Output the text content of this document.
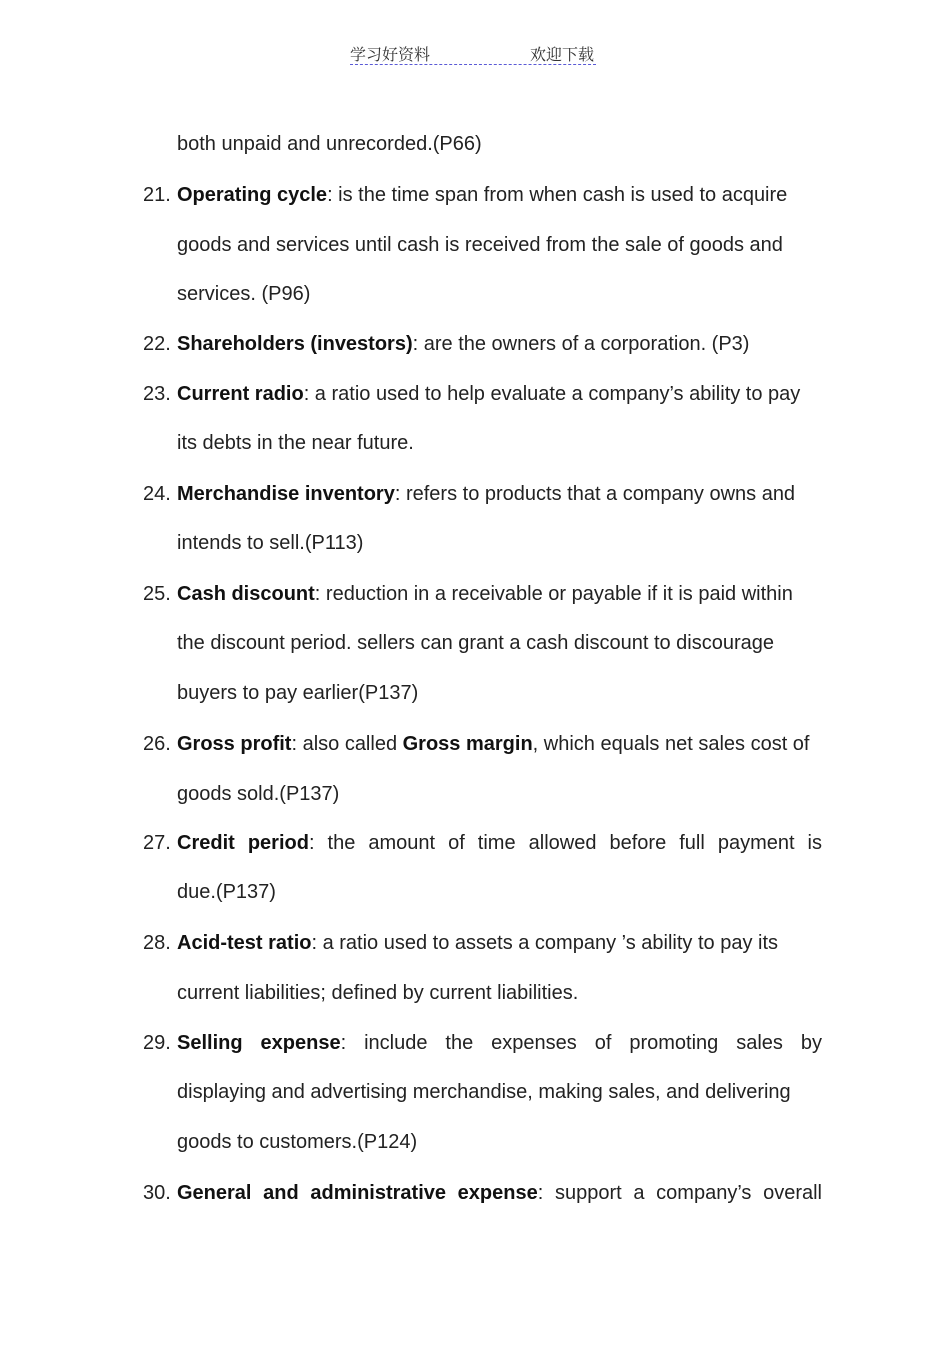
学习好资料	欢迎下载
both unpaid and unrecorded.(P66)
21. Operating cycle: is the time span from when cash is used to acquire
goods and services until cash is received from the sale of goods and
services. (P96)
22. Shareholders (investors): are the owners of a corporation. (P3)
23. Current radio: a ratio used to help evaluate a company’s ability to pay
its debts in the near future.
24. Merchandise inventory: refers to products that a company owns and
intends to sell.(P113)
25. Cash discount: reduction in a receivable or payable if it is paid within
the discount period. sellers can grant a cash discount to discourage
buyers to pay earlier(P137)
26. Gross profit: also called Gross margin, which equals net sales cost of
goods sold.(P137)
27. Credit period: the amount of time allowed before full payment is
due.(P137)
28. Acid-test ratio: a ratio used to assets a company ’s ability to pay its
current liabilities; defined by current liabilities.
29. Selling expense: include the expenses of promoting sales by
displaying and advertising merchandise, making sales, and delivering
goods to customers.(P124)
30. General and administrative expense: support a company’s overall
